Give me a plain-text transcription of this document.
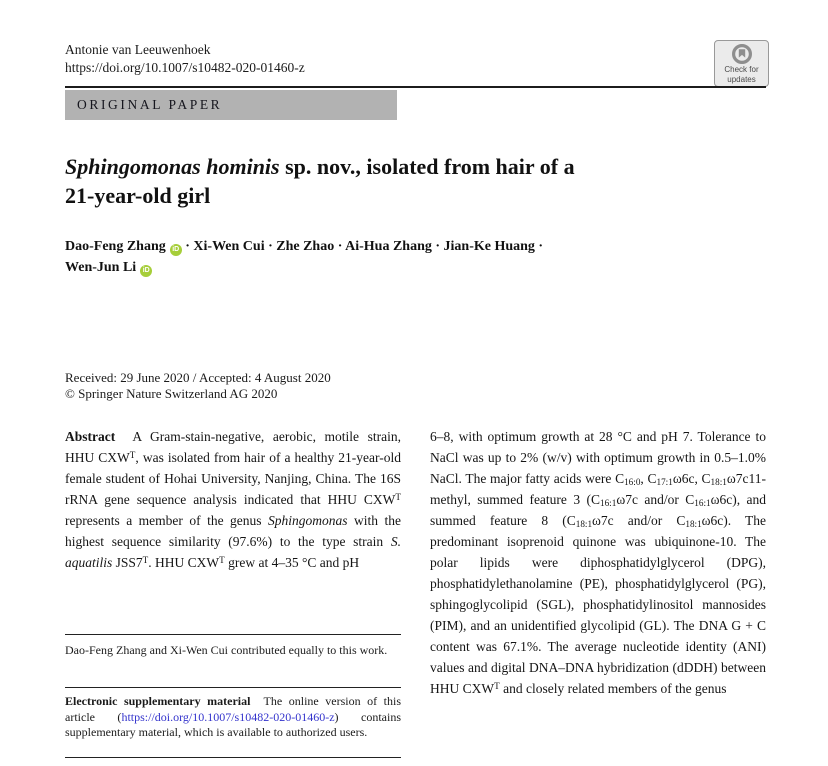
Antonie van Leeuwenhoek
https://doi.org/10.1007/s10482-020-01460-z	Check for
updates
ORIGINAL PAPER
Sphingomonas hominis sp. nov., isolated from hair of a
21-year-old girl
Dao-Feng Zhang iD · Xi-Wen Cui · Zhe Zhao · Ai-Hua Zhang · Jian-Ke Huang ·
Wen-Jun Li iD
Received: 29 June 2020 / Accepted: 4 August 2020
© Springer Nature Switzerland AG 2020
Abstract  A Gram-stain-negative, aerobic, motile strain, HHU $CXW^T$, was isolated from hair of a healthy 21-year-old female student of Hohai University, Nanjing, China. The 16S rRNA gene sequence analysis indicated that HHU $CXW^T$ represents a member of the genus Sphingomonas with the highest sequence similarity (97.6%) to the type strain S. aquatilis $JSS7^T$. HHU $CXW^T$ grew at 4–35 °C and pH
6–8, with optimum growth at 28 °C and pH 7. Tolerance to NaCl was up to 2% (w/v) with optimum growth in 0.5–1.0% NaCl. The major fatty acids were $C_{16:0}$, $C_{17:1}\omega 6c$, $C_{18:1}\omega 7c11$-methyl, summed feature 3 ($C_{16:1}\omega 7c$ and/or $C_{16:1}\omega 6c$), and summed feature 8 ($C_{18:1}\omega 7c$ and/or $C_{18:1}\omega 6c$). The predominant isoprenoid quinone was ubiquinone-10. The polar lipids were diphosphatidylglycerol (DPG), phosphatidylethanolamine (PE), phosphatidylglycerol (PG), sphingoglycolipid (SGL), phosphatidylinositol mannosides (PIM), and an unidentified glycolipid (GL). The DNA G + C content was 67.1%. The average nucleotide identity (ANI) values and digital DNA–DNA hybridization (dDDH) between HHU $CXW^T$ and closely related members of the genus
Dao-Feng Zhang and Xi-Wen Cui contributed equally to this work.
Electronic supplementary material  The online version of this article (https://doi.org/10.1007/s10482-020-01460-z) contains supplementary material, which is available to authorized users.
